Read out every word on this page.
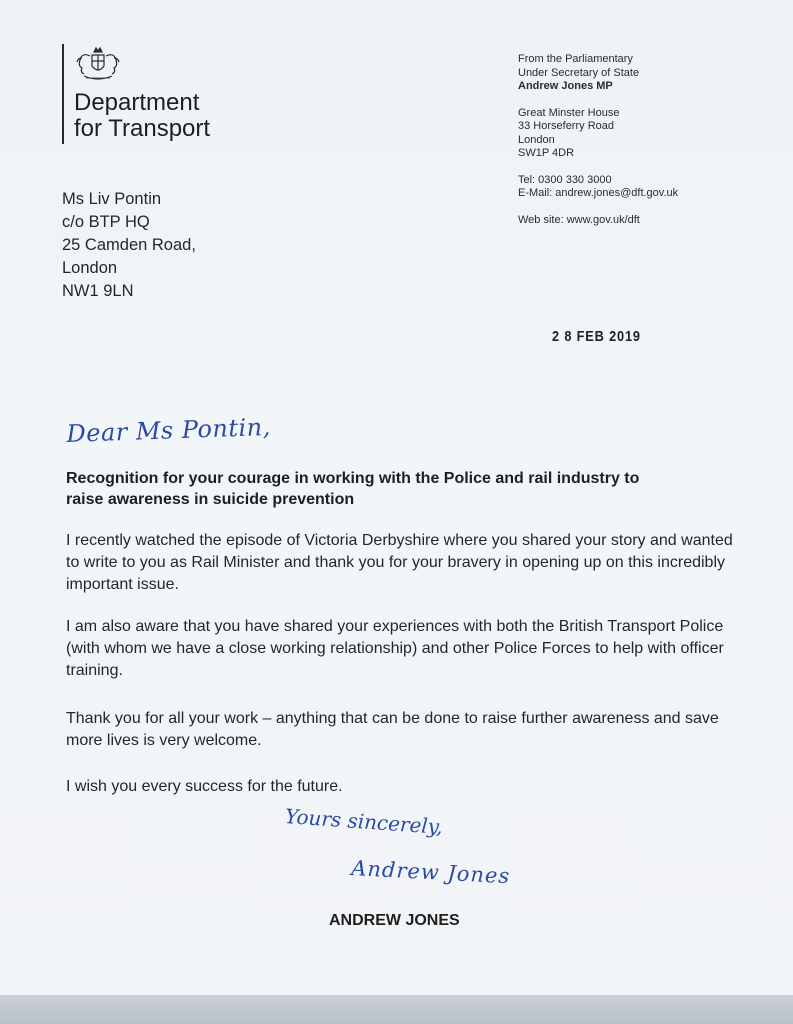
Department
for Transport
From the Parliamentary
Under Secretary of State
Andrew Jones MP
Great Minster House
33 Horseferry Road
London
SW1P 4DR
Tel: 0300 330 3000
E-Mail: andrew.jones@dft.gov.uk
Web site: www.gov.uk/dft
Ms Liv Pontin
c/o BTP HQ
25 Camden Road,
London
NW1 9LN
2 8 FEB 2019
Dear Ms Pontin,
Recognition for your courage in working with the Police and rail industry to raise awareness in suicide prevention
I recently watched the episode of Victoria Derbyshire where you shared your story and wanted to write to you as Rail Minister and thank you for your bravery in opening up on this incredibly important issue.
I am also aware that you have shared your experiences with both the British Transport Police (with whom we have a close working relationship) and other Police Forces to help with officer training.
Thank you for all your work – anything that can be done to raise further awareness and save more lives is very welcome.
I wish you every success for the future.
Yours sincerely,
Andrew Jones
ANDREW JONES
